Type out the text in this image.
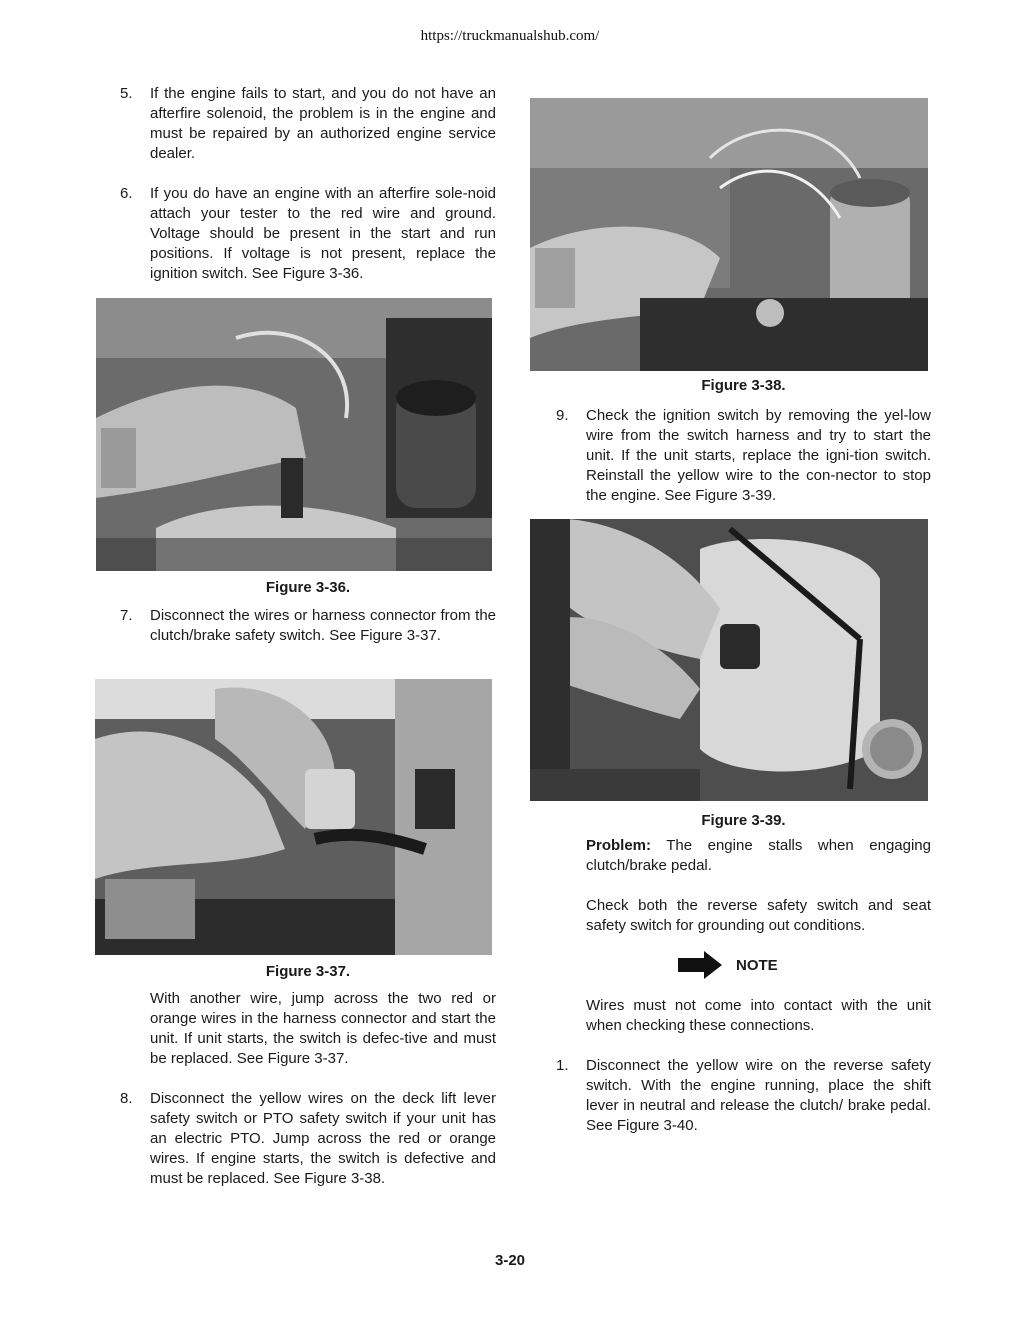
https://truckmanualshub.com/
5. If the engine fails to start, and you do not have an afterfire solenoid, the problem is in the engine and must be repaired by an authorized engine service dealer.
6. If you do have an engine with an afterfire sole-noid attach your tester to the red wire and ground. Voltage should be present in the start and run positions. If voltage is not present, replace the ignition switch. See Figure 3-36.
Figure 3-36.
7. Disconnect the wires or harness connector from the clutch/brake safety switch. See Figure 3-37.
Figure 3-37.
With another wire, jump across the two red or orange wires in the harness connector and start the unit. If unit starts, the switch is defec-tive and must be replaced. See Figure 3-37.
8. Disconnect the yellow wires on the deck lift lever safety switch or PTO safety switch if your unit has an electric PTO. Jump across the red or orange wires. If engine starts, the switch is defective and must be replaced. See Figure 3-38.
Figure 3-38.
9. Check the ignition switch by removing the yel-low wire from the switch harness and try to start the unit. If the unit starts, replace the igni-tion switch. Reinstall the yellow wire to the con-nector to stop the engine. See Figure 3-39.
Figure 3-39.
Problem: The engine stalls when engaging clutch/brake pedal.
Check both the reverse safety switch and seat safety switch for grounding out conditions.
NOTE
Wires must not come into contact with the unit when checking these connections.
1. Disconnect the yellow wire on the reverse safety switch. With the engine running, place the shift lever in neutral and release the clutch/ brake pedal. See Figure 3-40.
3-20
